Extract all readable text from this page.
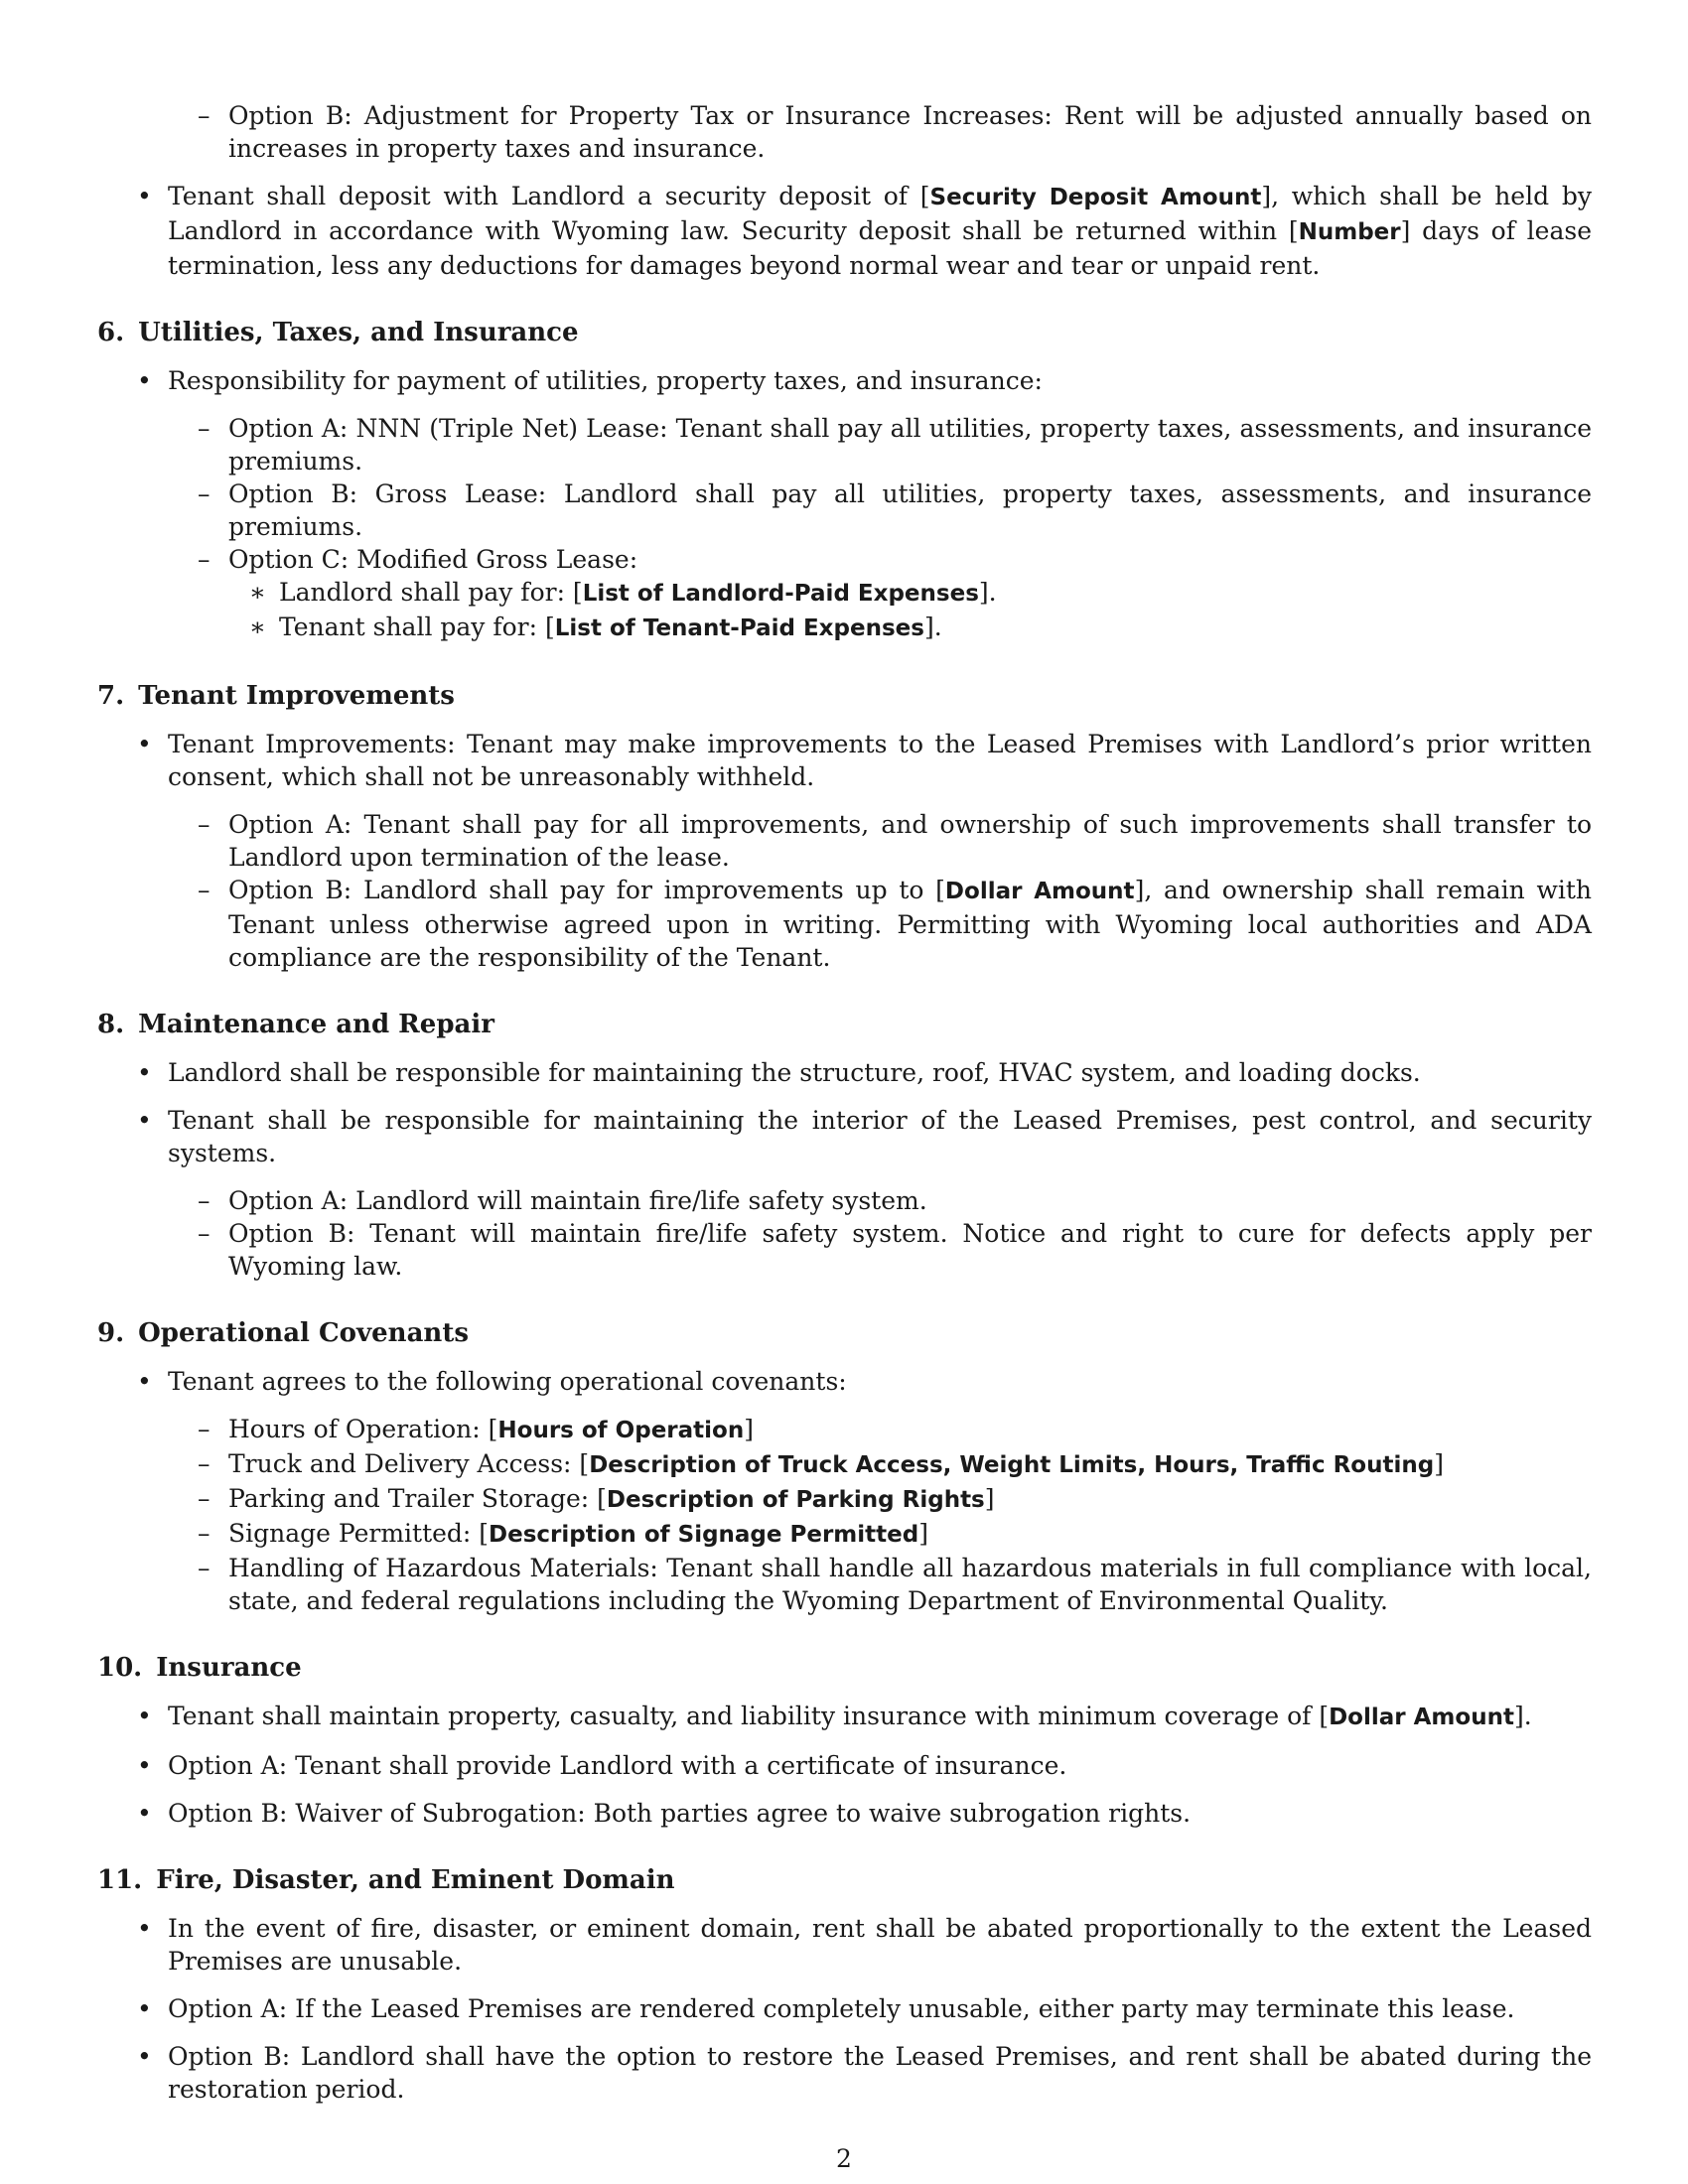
– Option B: Adjustment for Property Tax or Insurance Increases: Rent will be adjusted annually based on increases in property taxes and insurance.
• Tenant shall deposit with Landlord a security deposit of [Security Deposit Amount], which shall be held by Landlord in accordance with Wyoming law. Security deposit shall be returned within [Number] days of lease termination, less any deductions for damages beyond normal wear and tear or unpaid rent.
6. Utilities, Taxes, and Insurance
• Responsibility for payment of utilities, property taxes, and insurance:
– Option A: NNN (Triple Net) Lease: Tenant shall pay all utilities, property taxes, assessments, and insurance premiums.
– Option B: Gross Lease: Landlord shall pay all utilities, property taxes, assessments, and insurance premiums.
– Option C: Modified Gross Lease:
∗ Landlord shall pay for: [List of Landlord-Paid Expenses].
∗ Tenant shall pay for: [List of Tenant-Paid Expenses].
7. Tenant Improvements
• Tenant Improvements: Tenant may make improvements to the Leased Premises with Landlord’s prior written consent, which shall not be unreasonably withheld.
– Option A: Tenant shall pay for all improvements, and ownership of such improvements shall transfer to Landlord upon termination of the lease.
– Option B: Landlord shall pay for improvements up to [Dollar Amount], and ownership shall remain with Tenant unless otherwise agreed upon in writing. Permitting with Wyoming local authorities and ADA compliance are the responsibility of the Tenant.
8. Maintenance and Repair
• Landlord shall be responsible for maintaining the structure, roof, HVAC system, and loading docks.
• Tenant shall be responsible for maintaining the interior of the Leased Premises, pest control, and security systems.
– Option A: Landlord will maintain fire/life safety system.
– Option B: Tenant will maintain fire/life safety system. Notice and right to cure for defects apply per Wyoming law.
9. Operational Covenants
• Tenant agrees to the following operational covenants:
– Hours of Operation: [Hours of Operation]
– Truck and Delivery Access: [Description of Truck Access, Weight Limits, Hours, Traffic Routing]
– Parking and Trailer Storage: [Description of Parking Rights]
– Signage Permitted: [Description of Signage Permitted]
– Handling of Hazardous Materials: Tenant shall handle all hazardous materials in full compliance with local, state, and federal regulations including the Wyoming Department of Environmental Quality.
10. Insurance
• Tenant shall maintain property, casualty, and liability insurance with minimum coverage of [Dollar Amount].
• Option A: Tenant shall provide Landlord with a certificate of insurance.
• Option B: Waiver of Subrogation: Both parties agree to waive subrogation rights.
11. Fire, Disaster, and Eminent Domain
• In the event of fire, disaster, or eminent domain, rent shall be abated proportionally to the extent the Leased Premises are unusable.
• Option A: If the Leased Premises are rendered completely unusable, either party may terminate this lease.
• Option B: Landlord shall have the option to restore the Leased Premises, and rent shall be abated during the restoration period.
2
